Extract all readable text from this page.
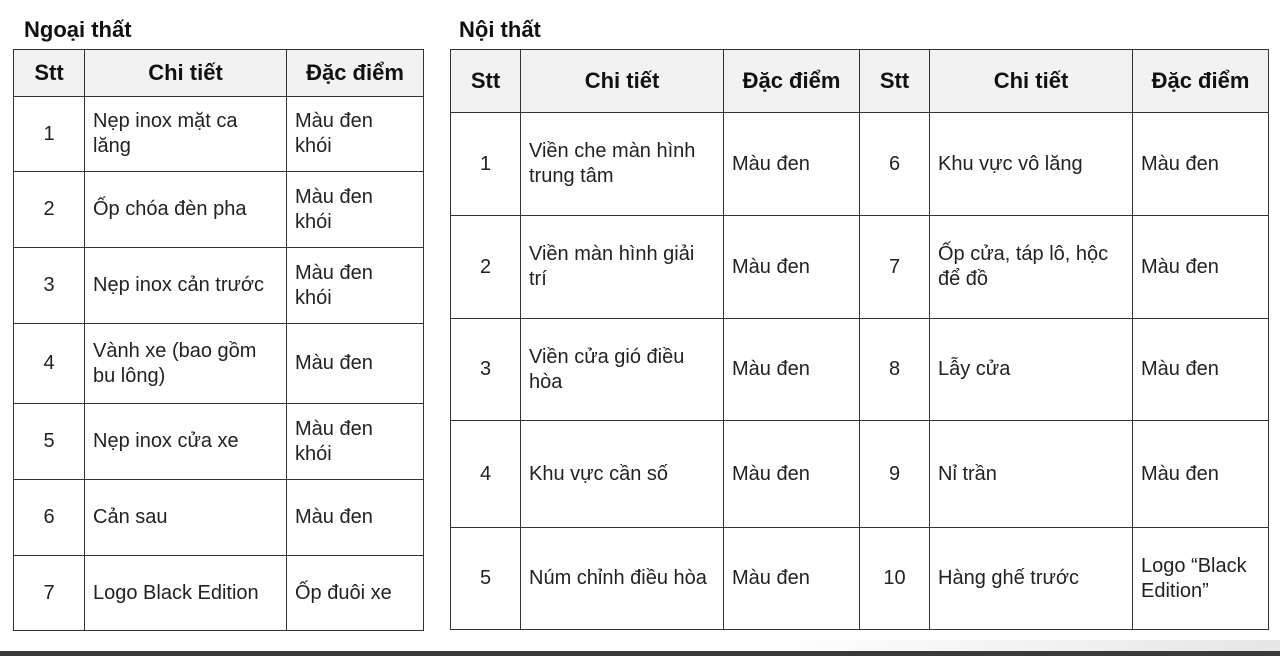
Ngoại thất	Nội thất
Stt	Chi tiết	Đặc điểm
1	Nẹp inox mặt ca lăng	Màu đen khói
2	Ốp chóa đèn pha	Màu đen khói
3	Nẹp inox cản trước	Màu đen khói
4	Vành xe (bao gồm bu lông)	Màu đen
5	Nẹp inox cửa xe	Màu đen khói
6	Cản sau	Màu đen
7	Logo Black Edition	Ốp đuôi xe
Stt	Chi tiết	Đặc điểm	Stt	Chi tiết	Đặc điểm
1	Viền che màn hình trung tâm	Màu đen	6	Khu vực vô lăng	Màu đen
2	Viền màn hình giải trí	Màu đen	7	Ốp cửa, táp lô, hộc để đồ	Màu đen
3	Viền cửa gió điều hòa	Màu đen	8	Lẫy cửa	Màu đen
4	Khu vực cần số	Màu đen	9	Nỉ trần	Màu đen
5	Núm chỉnh điều hòa	Màu đen	10	Hàng ghế trước	Logo “Black Edition”
